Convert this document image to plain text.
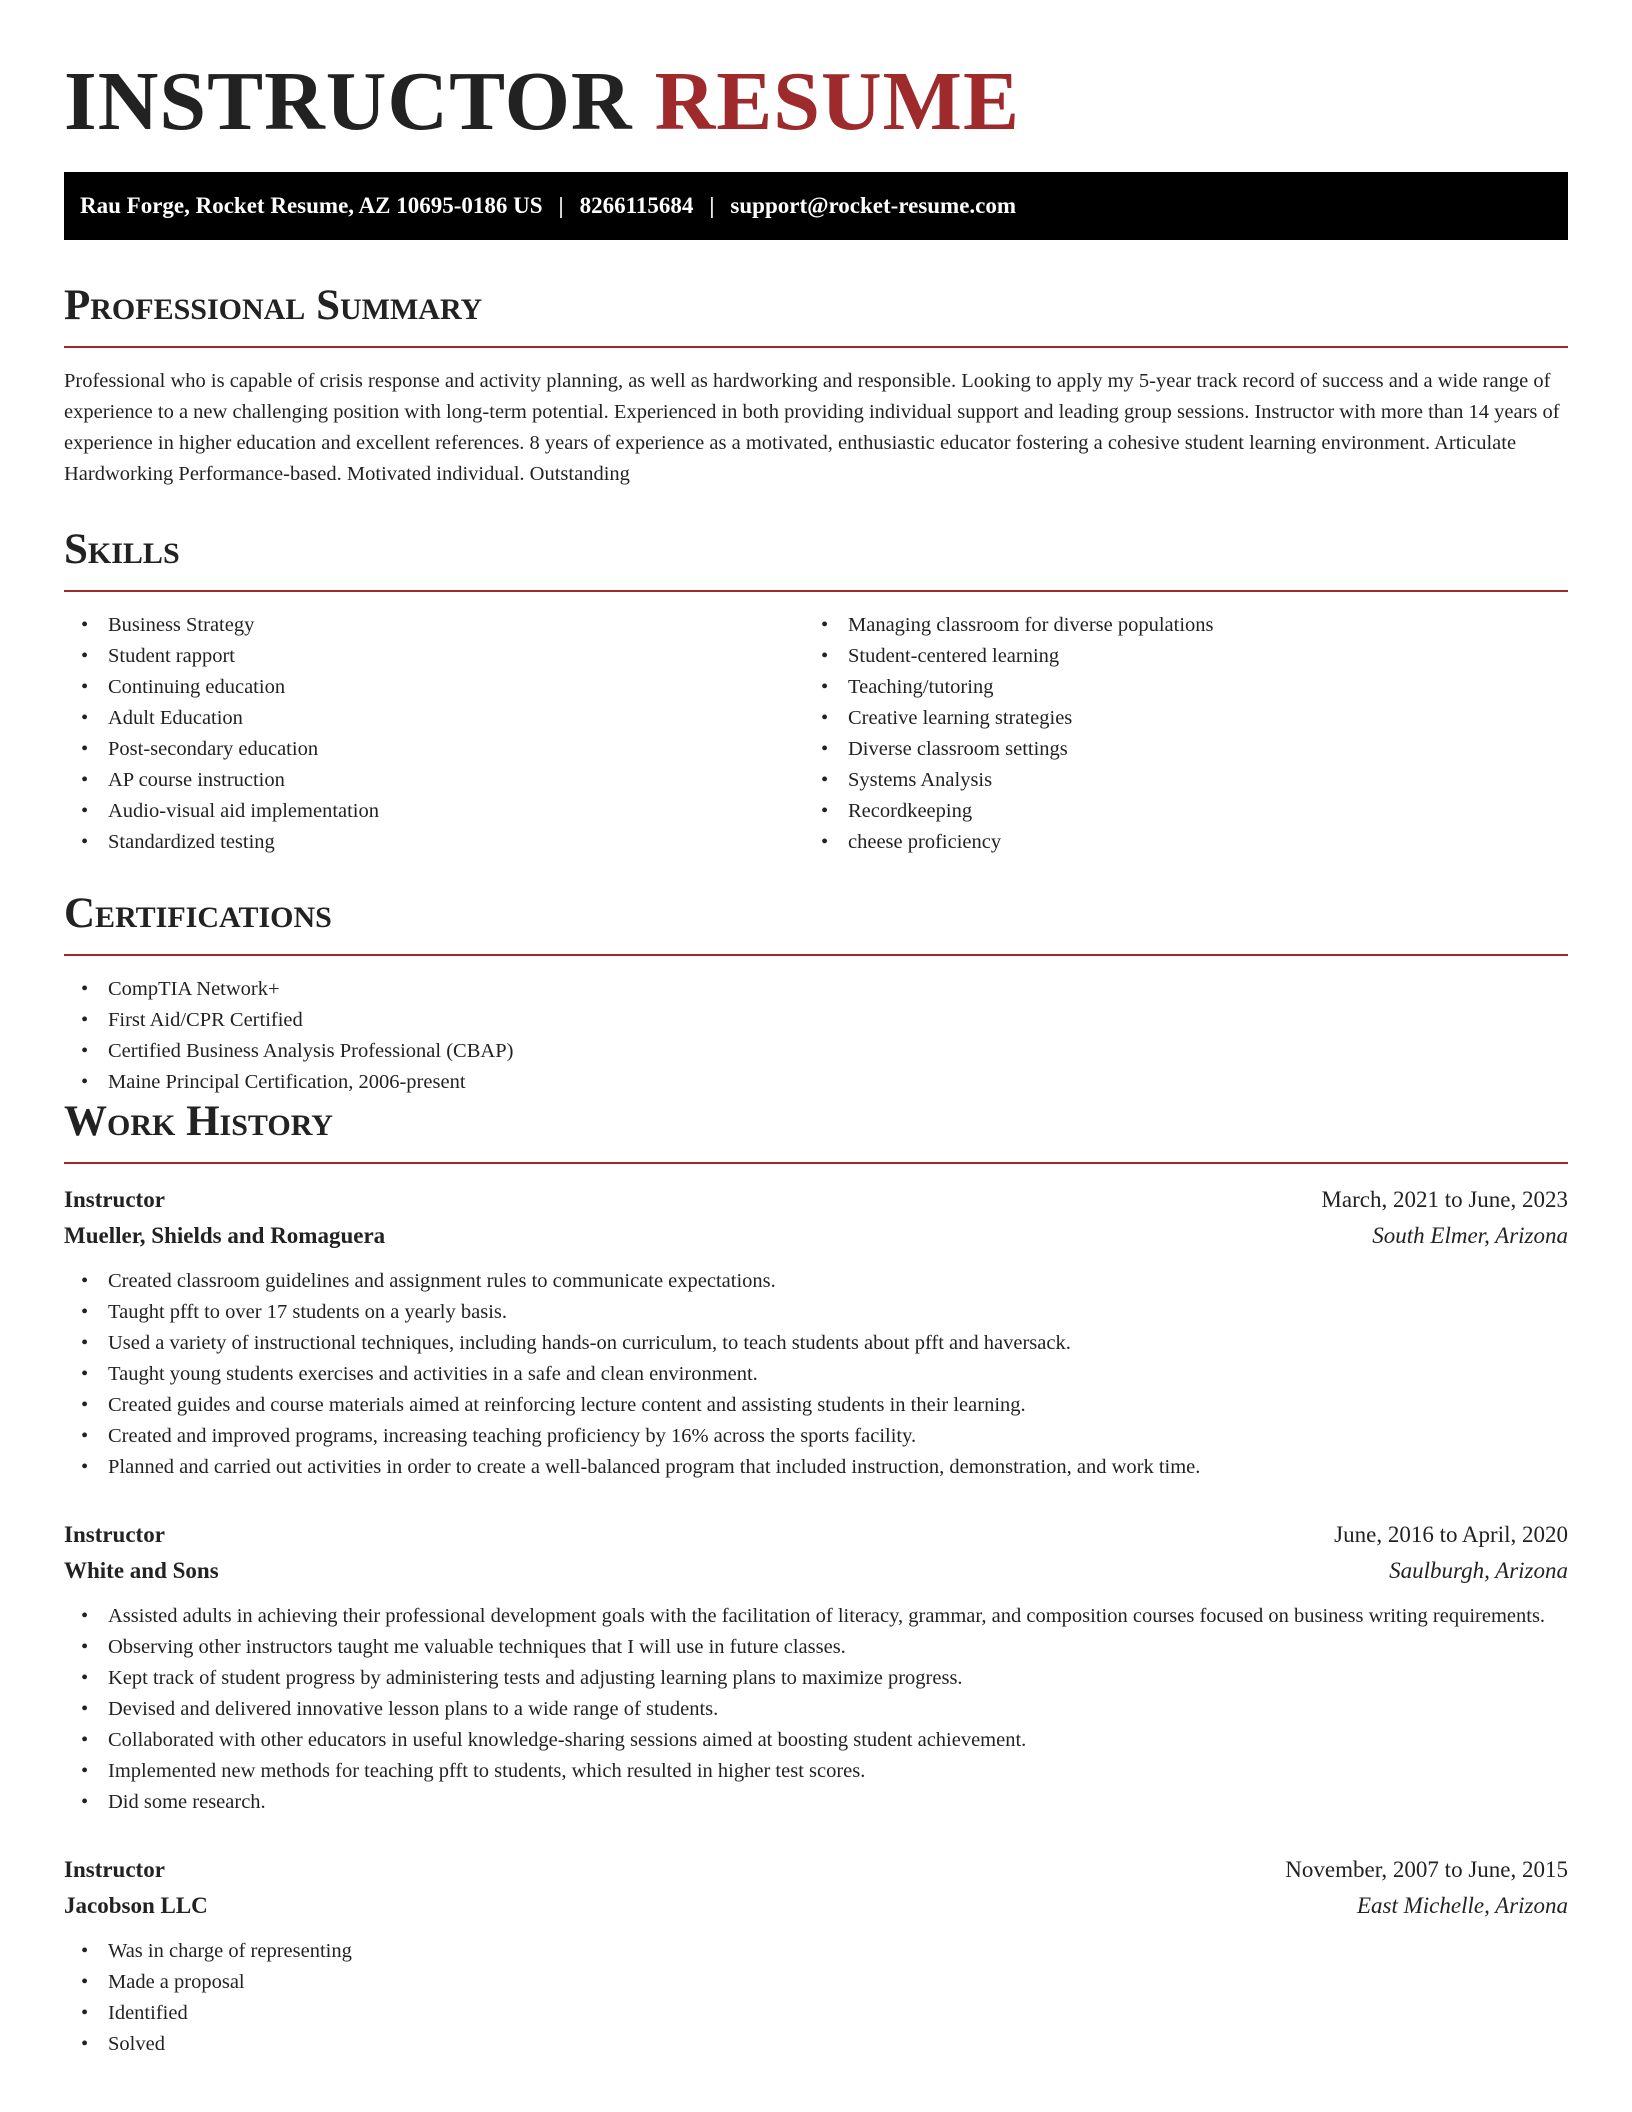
INSTRUCTOR RESUME
Rau Forge, Rocket Resume, AZ 10695-0186 US | 8266115684 | support@rocket-resume.com
Professional Summary

Professional who is capable of crisis response and activity planning, as well as hardworking and responsible. Looking to apply my 5-year track record of success and a wide range of experience to a new challenging position with long-term potential. Experienced in both providing individual support and leading group sessions. Instructor with more than 14 years of experience in higher education and excellent references. 8 years of experience as a motivated, enthusiastic educator fostering a cohesive student learning environment. Articulate Hardworking Performance-based. Motivated individual. Outstanding

Skills
• Business Strategy
• Student rapport
• Continuing education
• Adult Education
• Post-secondary education
• AP course instruction
• Audio-visual aid implementation
• Standardized testing
• Managing classroom for diverse populations
• Student-centered learning
• Teaching/tutoring
• Creative learning strategies
• Diverse classroom settings
• Systems Analysis
• Recordkeeping
• cheese proficiency
Certifications
• CompTIA Network+
• First Aid/CPR Certified
• Certified Business Analysis Professional (CBAP)
• Maine Principal Certification, 2006-present
Work History
Instructor	March, 2021 to June, 2023
Mueller, Shields and Romaguera	South Elmer, Arizona
• Created classroom guidelines and assignment rules to communicate expectations.
• Taught pfft to over 17 students on a yearly basis.
• Used a variety of instructional techniques, including hands-on curriculum, to teach students about pfft and haversack.
• Taught young students exercises and activities in a safe and clean environment.
• Created guides and course materials aimed at reinforcing lecture content and assisting students in their learning.
• Created and improved programs, increasing teaching proficiency by 16% across the sports facility.
• Planned and carried out activities in order to create a well-balanced program that included instruction, demonstration, and work time.
Instructor	June, 2016 to April, 2020
White and Sons	Saulburgh, Arizona
• Assisted adults in achieving their professional development goals with the facilitation of literacy, grammar, and composition courses focused on business writing requirements.
• Observing other instructors taught me valuable techniques that I will use in future classes.
• Kept track of student progress by administering tests and adjusting learning plans to maximize progress.
• Devised and delivered innovative lesson plans to a wide range of students.
• Collaborated with other educators in useful knowledge-sharing sessions aimed at boosting student achievement.
• Implemented new methods for teaching pfft to students, which resulted in higher test scores.
• Did some research.
Instructor	November, 2007 to June, 2015
Jacobson LLC	East Michelle, Arizona
• Was in charge of representing
• Made a proposal
• Identified
• Solved
